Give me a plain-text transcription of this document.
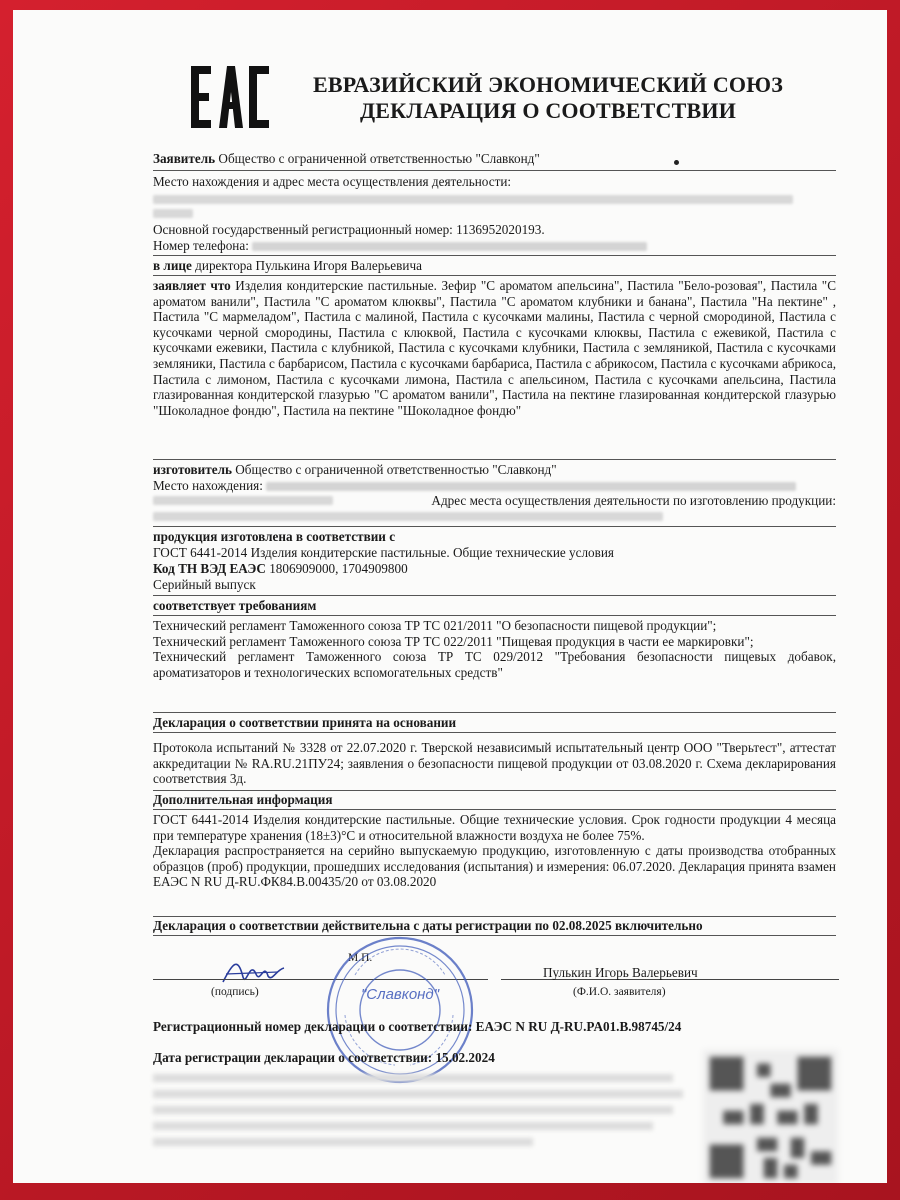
ЕВРАЗИЙСКИЙ ЭКОНОМИЧЕСКИЙ СОЮЗ
ДЕКЛАРАЦИЯ О СООТВЕТСТВИИ
Заявитель Общество с ограниченной ответственностью "Славконд"
Место нахождения и адрес места осуществления деятельности:
Основной государственный регистрационный номер: 1136952020193.
Номер телефона:
в лице директора Пулькина Игоря Валерьевича
заявляет что Изделия кондитерские пастильные. Зефир "С ароматом апельсина", Пастила "Бело-розовая", Пастила "С ароматом ванили", Пастила "С ароматом клюквы", Пастила "С ароматом клубники и банана", Пастила "На пектине" , Пастила "С мармеладом", Пастила с малиной, Пастила с кусочками малины, Пастила с черной смородиной, Пастила с кусочками черной смородины, Пастила с клюквой, Пастила с кусочками клюквы, Пастила с ежевикой, Пастила с кусочками ежевики, Пастила с клубникой, Пастила с кусочками клубники, Пастила с земляникой, Пастила с кусочками земляники, Пастила с барбарисом, Пастила с кусочками барбариса, Пастила с абрикосом, Пастила с кусочками абрикоса, Пастила с лимоном, Пастила с кусочками лимона, Пастила с апельсином, Пастила с кусочками апельсина, Пастила глазированная кондитерской глазурью "С ароматом ванили", Пастила на пектине глазированная кондитерской глазурью "Шоколадное фондю", Пастила на пектине "Шоколадное фондю"
изготовитель Общество с ограниченной ответственностью "Славконд"
Место нахождения:
Адрес места осуществления деятельности по изготовлению продукции:
продукция изготовлена в соответствии с
ГОСТ 6441-2014 Изделия кондитерские пастильные. Общие технические условия
Код ТН ВЭД ЕАЭС 1806909000, 1704909800
Серийный выпуск
соответствует требованиям
Технический регламент Таможенного союза ТР ТС 021/2011 "О безопасности пищевой продукции";
Технический регламент Таможенного союза ТР ТС 022/2011 "Пищевая продукция в части ее маркировки";
Технический регламент Таможенного союза ТР ТС 029/2012 "Требования безопасности пищевых добавок, ароматизаторов и технологических вспомогательных средств"
Декларация о соответствии принята на основании
Протокола испытаний № 3328 от 22.07.2020 г. Тверской независимый испытательный центр ООО "Тверьтест", аттестат аккредитации № RA.RU.21ПУ24; заявления о безопасности пищевой продукции от 03.08.2020 г. Схема декларирования соответствия 3д.
Дополнительная информация
ГОСТ 6441-2014 Изделия кондитерские пастильные. Общие технические условия. Срок годности продукции 4 месяца при температуре хранения (18±3)°С и относительной влажности воздуха не более 75%.
Декларация распространяется на серийно выпускаемую продукцию, изготовленную с даты производства отобранных образцов (проб) продукции, прошедших исследования (испытания) и измерения: 06.07.2020. Декларация принята взамен ЕАЭС N RU Д-RU.ФК84.В.00435/20 от 03.08.2020
Декларация о соответствии действительна с даты регистрации по 02.08.2025 включительно
(подпись)
М.П.
Пулькин Игорь Валерьевич
(Ф.И.О. заявителя)
"Славконд"
Регистрационный номер декларации о соответствии: ЕАЭС N RU Д-RU.PA01.B.98745/24
Дата регистрации декларации о соответствии: 15.02.2024
